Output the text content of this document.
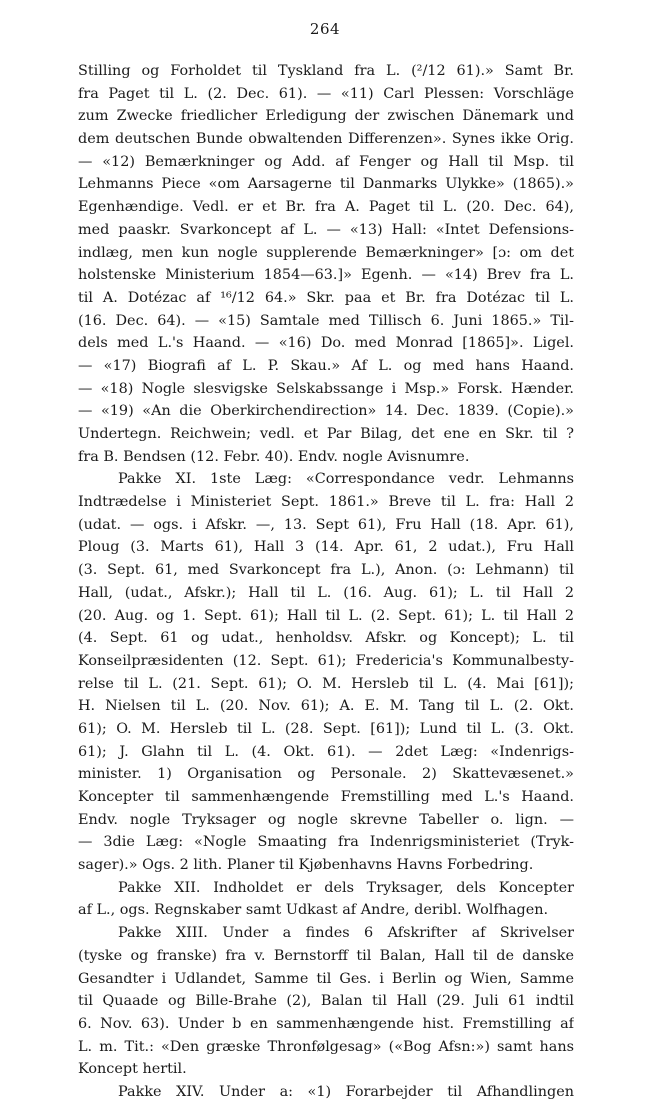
264
Stilling og Forholdet til Tyskland fra L. (²/12 61).» Samt Br.
fra Paget til L. (2. Dec. 61). — «11) Carl Plessen: Vorschläge
zum Zwecke friedlicher Erledigung der zwischen Dänemark und
dem deutschen Bunde obwaltenden Differenzen». Synes ikke Orig.
— «12) Bemærkninger og Add. af Fenger og Hall til Msp. til
Lehmanns Piece «om Aarsagerne til Danmarks Ulykke» (1865).»
Egenhændige. Vedl. er et Br. fra A. Paget til L. (20. Dec. 64),
med paaskr. Svarkoncept af L. — «13) Hall: «Intet Defensions-
indlæg, men kun nogle supplerende Bemærkninger» [ɔ: om det
holstenske Ministerium 1854—63.]» Egenh. — «14) Brev fra L.
til A. Dotézac af ¹⁶/12 64.» Skr. paa et Br. fra Dotézac til L.
(16. Dec. 64). — «15) Samtale med Tillisch 6. Juni 1865.» Til-
dels med L.'s Haand. — «16) Do. med Monrad [1865]». Ligel.
— «17) Biografi af L. P. Skau.» Af L. og med hans Haand.
— «18) Nogle slesvigske Selskabssange i Msp.» Forsk. Hænder.
— «19) «An die Oberkirchendirection» 14. Dec. 1839. (Copie).»
Undertegn. Reichwein; vedl. et Par Bilag, det ene en Skr. til ?
fra B. Bendsen (12. Febr. 40). Endv. nogle Avisnumre.
Pakke XI. 1ste Læg: «Correspondance vedr. Lehmanns
Indtrædelse i Ministeriet Sept. 1861.» Breve til L. fra: Hall 2
(udat. — ogs. i Afskr. —, 13. Sept 61), Fru Hall (18. Apr. 61),
Ploug (3. Marts 61), Hall 3 (14. Apr. 61, 2 udat.), Fru Hall
(3. Sept. 61, med Svarkoncept fra L.), Anon. (ɔ: Lehmann) til
Hall, (udat., Afskr.); Hall til L. (16. Aug. 61); L. til Hall 2
(20. Aug. og 1. Sept. 61); Hall til L. (2. Sept. 61); L. til Hall 2
(4. Sept. 61 og udat., henholdsv. Afskr. og Koncept); L. til
Konseilpræsidenten (12. Sept. 61); Fredericia's Kommunalbesty-
relse til L. (21. Sept. 61); O. M. Hersleb til L. (4. Mai [61]);
H. Nielsen til L. (20. Nov. 61); A. E. M. Tang til L. (2. Okt.
61); O. M. Hersleb til L. (28. Sept. [61]); Lund til L. (3. Okt.
61); J. Glahn til L. (4. Okt. 61). — 2det Læg: «Indenrigs-
minister. 1) Organisation og Personale. 2) Skattevæsenet.»
Koncepter til sammenhængende Fremstilling med L.'s Haand.
Endv. nogle Tryksager og nogle skrevne Tabeller o. lign. —
— 3die Læg: «Nogle Smaating fra Indenrigsministeriet (Tryk-
sager).» Ogs. 2 lith. Planer til Kjøbenhavns Havns Forbedring.
Pakke XII. Indholdet er dels Tryksager, dels Koncepter
af L., ogs. Regnskaber samt Udkast af Andre, deribl. Wolfhagen.
Pakke XIII. Under a findes 6 Afskrifter af Skrivelser
(tyske og franske) fra v. Bernstorff til Balan, Hall til de danske
Gesandter i Udlandet, Samme til Ges. i Berlin og Wien, Samme
til Quaade og Bille-Brahe (2), Balan til Hall (29. Juli 61 indtil
6. Nov. 63). Under b en sammenhængende hist. Fremstilling af
L. m. Tit.: «Den græske Thronfølgesag» («Bog Afsn:») samt hans
Koncept hertil.
Pakke XIV. Under a: «1) Forarbejder til Afhandlingen
